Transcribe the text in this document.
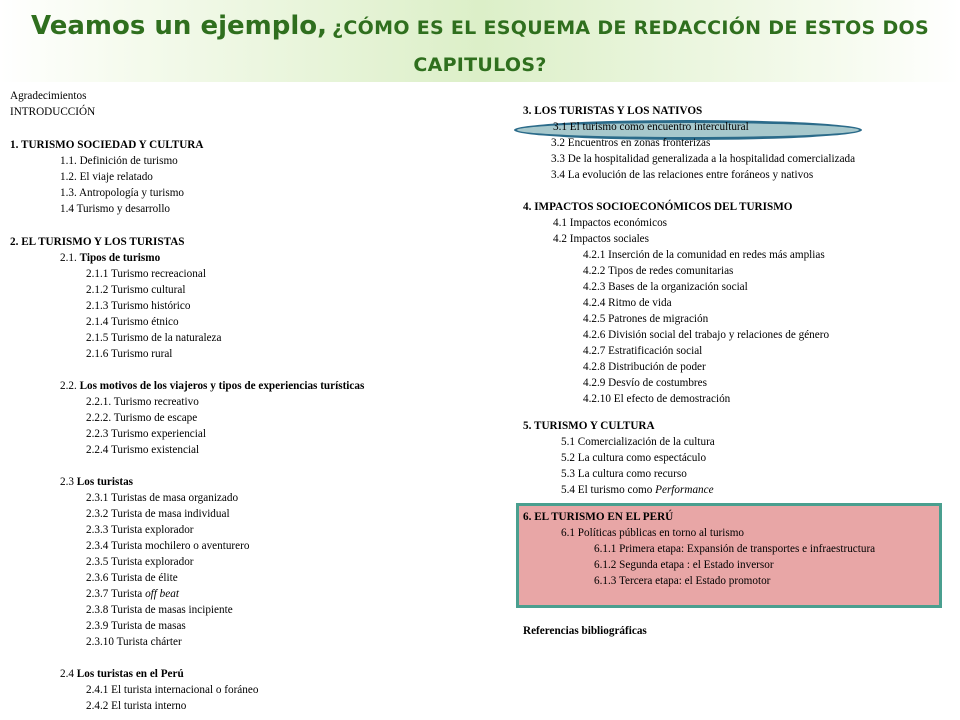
Veamos un ejemplo, ¿CÓMO ES EL ESQUEMA DE REDACCIÓN DE ESTOS DOS
CAPITULOS?
Agradecimientos
INTRODUCCIÓN
1. TURISMO SOCIEDAD Y CULTURA
1.1. Definición de turismo
1.2. El viaje relatado
1.3. Antropología y turismo
1.4 Turismo y desarrollo
2. EL TURISMO Y LOS TURISTAS
2.1. Tipos de turismo
2.1.1 Turismo recreacional
2.1.2 Turismo cultural
2.1.3 Turismo histórico
2.1.4 Turismo étnico
2.1.5 Turismo de la naturaleza
2.1.6 Turismo rural
2.2. Los motivos de los viajeros y tipos de experiencias turísticas
2.2.1. Turismo recreativo
2.2.2. Turismo de escape
2.2.3 Turismo experiencial
2.2.4 Turismo existencial
2.3 Los turistas
2.3.1 Turistas de masa organizado
2.3.2 Turista de masa individual
2.3.3 Turista explorador
2.3.4 Turista mochilero o aventurero
2.3.5 Turista explorador
2.3.6 Turista de élite
2.3.7 Turista off beat
2.3.8 Turista de masas incipiente
2.3.9 Turista de masas
2.3.10 Turista chárter
2.4 Los turistas en el Perú
2.4.1 El turista internacional o foráneo
2.4.2 El turista interno
3. LOS TURISTAS Y LOS NATIVOS
3.1 El turismo como encuentro intercultural
3.2 Encuentros en zonas fronterizas
3.3 De la hospitalidad generalizada a la hospitalidad comercializada
3.4 La evolución de las relaciones entre foráneos y nativos
4. IMPACTOS SOCIOECONÓMICOS DEL TURISMO
4.1 Impactos económicos
4.2 Impactos sociales
4.2.1 Inserción de la comunidad en redes más amplias
4.2.2 Tipos de redes comunitarias
4.2.3 Bases de la organización social
4.2.4 Ritmo de vida
4.2.5 Patrones de migración
4.2.6 División social del trabajo y relaciones de género
4.2.7 Estratificación social
4.2.8 Distribución de poder
4.2.9 Desvío de costumbres
4.2.10 El efecto de demostración
5. TURISMO Y CULTURA
5.1 Comercialización de la cultura
5.2 La cultura como espectáculo
5.3 La cultura como recurso
5.4 El turismo como Performance
6. EL TURISMO EN EL PERÚ
6.1 Políticas públicas en torno al turismo
6.1.1 Primera etapa: Expansión de transportes e infraestructura
6.1.2 Segunda etapa : el Estado inversor
6.1.3 Tercera etapa: el Estado promotor
Referencias bibliográficas
